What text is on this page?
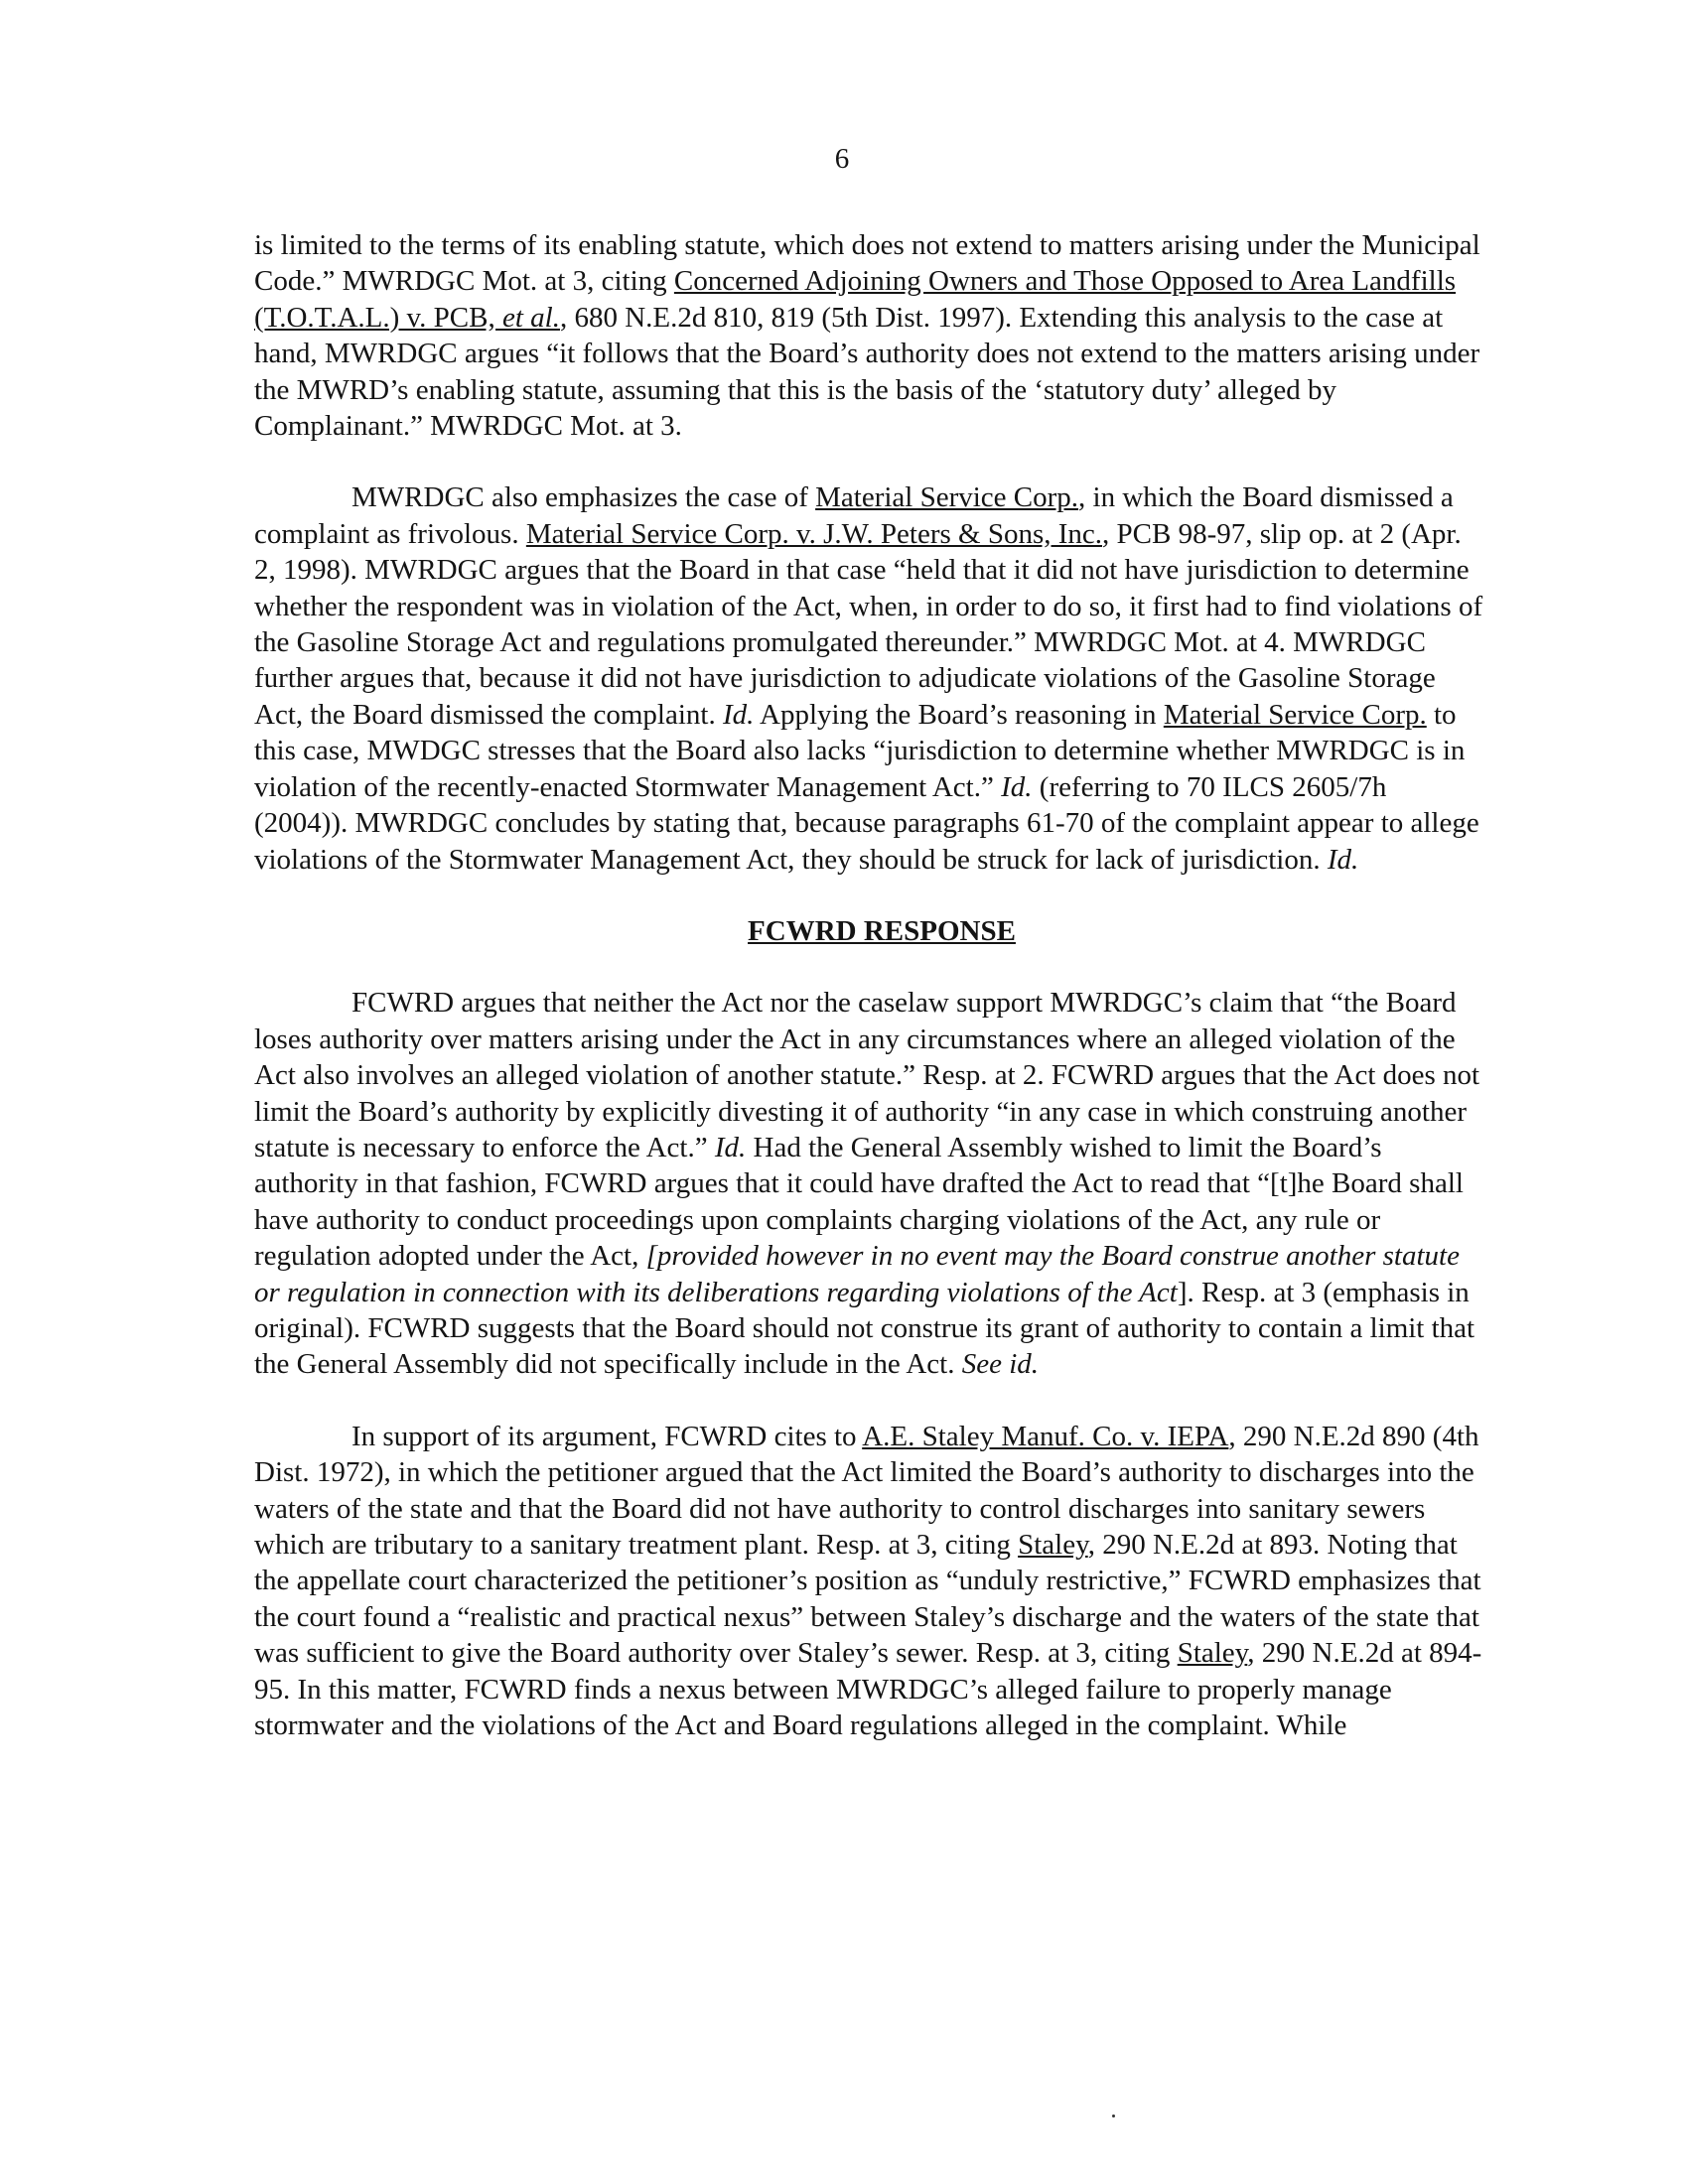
6

is limited to the terms of its enabling statute, which does not extend to matters arising under the Municipal Code.” MWRDGC Mot. at 3, citing Concerned Adjoining Owners and Those Opposed to Area Landfills (T.O.T.A.L.) v. PCB, et al., 680 N.E.2d 810, 819 (5th Dist. 1997). Extending this analysis to the case at hand, MWRDGC argues “it follows that the Board’s authority does not extend to the matters arising under the MWRD’s enabling statute, assuming that this is the basis of the ‘statutory duty’ alleged by Complainant.” MWRDGC Mot. at 3.

MWRDGC also emphasizes the case of Material Service Corp., in which the Board dismissed a complaint as frivolous. Material Service Corp. v. J.W. Peters & Sons, Inc., PCB 98-97, slip op. at 2 (Apr. 2, 1998). MWRDGC argues that the Board in that case “held that it did not have jurisdiction to determine whether the respondent was in violation of the Act, when, in order to do so, it first had to find violations of the Gasoline Storage Act and regulations promulgated thereunder.” MWRDGC Mot. at 4. MWRDGC further argues that, because it did not have jurisdiction to adjudicate violations of the Gasoline Storage Act, the Board dismissed the complaint. Id. Applying the Board’s reasoning in Material Service Corp. to this case, MWDGC stresses that the Board also lacks “jurisdiction to determine whether MWRDGC is in violation of the recently-enacted Stormwater Management Act.” Id. (referring to 70 ILCS 2605/7h (2004)). MWRDGC concludes by stating that, because paragraphs 61-70 of the complaint appear to allege violations of the Stormwater Management Act, they should be struck for lack of jurisdiction. Id.

FCWRD RESPONSE

FCWRD argues that neither the Act nor the caselaw support MWRDGC’s claim that “the Board loses authority over matters arising under the Act in any circumstances where an alleged violation of the Act also involves an alleged violation of another statute.” Resp. at 2. FCWRD argues that the Act does not limit the Board’s authority by explicitly divesting it of authority “in any case in which construing another statute is necessary to enforce the Act.” Id. Had the General Assembly wished to limit the Board’s authority in that fashion, FCWRD argues that it could have drafted the Act to read that “[t]he Board shall have authority to conduct proceedings upon complaints charging violations of the Act, any rule or regulation adopted under the Act, [provided however in no event may the Board construe another statute or regulation in connection with its deliberations regarding violations of the Act]. Resp. at 3 (emphasis in original). FCWRD suggests that the Board should not construe its grant of authority to contain a limit that the General Assembly did not specifically include in the Act. See id.

In support of its argument, FCWRD cites to A.E. Staley Manuf. Co. v. IEPA, 290 N.E.2d 890 (4th Dist. 1972), in which the petitioner argued that the Act limited the Board’s authority to discharges into the waters of the state and that the Board did not have authority to control discharges into sanitary sewers which are tributary to a sanitary treatment plant. Resp. at 3, citing Staley, 290 N.E.2d at 893. Noting that the appellate court characterized the petitioner’s position as “unduly restrictive,” FCWRD emphasizes that the court found a “realistic and practical nexus” between Staley’s discharge and the waters of the state that was sufficient to give the Board authority over Staley’s sewer. Resp. at 3, citing Staley, 290 N.E.2d at 894-95. In this matter, FCWRD finds a nexus between MWRDGC’s alleged failure to properly manage stormwater and the violations of the Act and Board regulations alleged in the complaint. While
